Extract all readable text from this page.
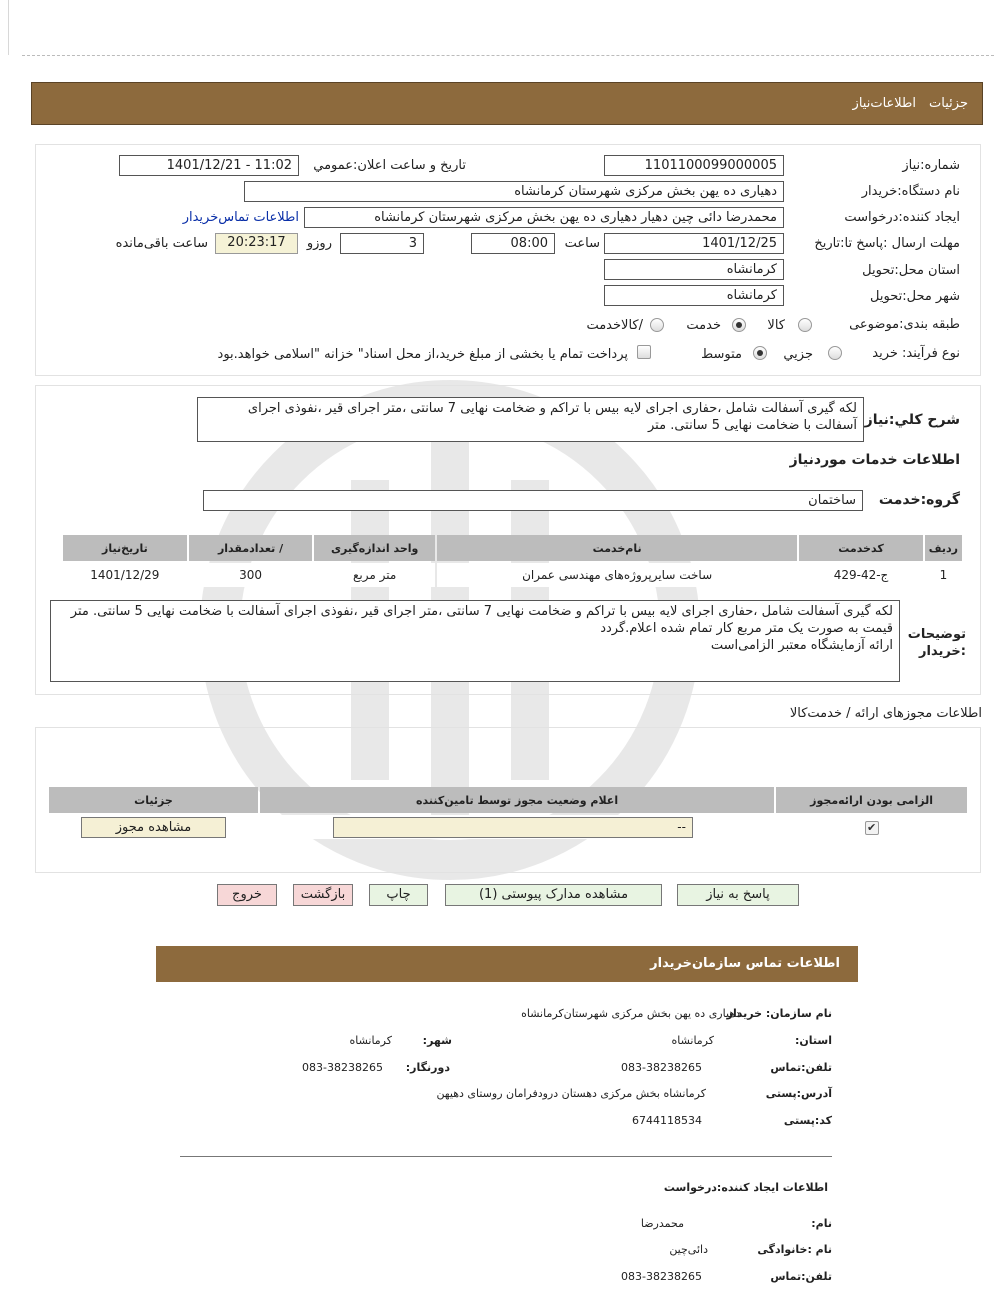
جزئیات
اطلاعات‌نیاز
شماره:نیاز
1101100099000005
تاریخ و ساعت اعلان:عمومي
1401/12/21 - 11:02
نام دستگاه:خریدار
دهیاری ده یهن بخش مرکزی شهرستان کرمانشاه
ایجاد کننده:درخواست
محمدرضا دائی چین دهیار دهیاری ده یهن بخش مرکزی شهرستان کرمانشاه
اطلاعات تماس‌خریدار
مهلت ارسال :پاسخ تا:تاریخ
1401/12/25
ساعت
08:00
3
روزو
20:23:17
ساعت باقی‌مانده
استان محل:تحویل
کرمانشاه
شهر محل:تحویل
کرمانشاه
طبقه بندی:موضوعی
کالا
خدمت
/کالاخدمت
نوع فرآیند: خرید
جزيي
متوسط
پرداخت تمام یا بخشی از مبلغ خرید،از محل اسناد" خزانه "اسلامی خواهد.بود
شرح کلي:نیاز
لکه گیری آسفالت شامل ،حفاری اجرای لایه بیس با تراکم و ضخامت نهایی 7 سانتی ،متر اجرای قیر ،نفوذی اجرای آسفالت با ضخامت نهایی 5 سانتی. متر
اطلاعات خدمات موردنیاز
گروه:خدمت
ساختمان
ردیف	کدخدمت	نام‌خدمت	واحد اندازه‌گیری	/ تعدادمقدار	تاریخ‌نیاز
1	ج-42-429	ساخت سایرپروژه‌های مهندسی عمران	متر مربع	300	1401/12/29
توضیحات :خریدار
لکه گیری آسفالت شامل ،حفاری اجرای لایه بیس با تراکم و ضخامت نهایی 7 سانتی ،متر اجرای قیر ،نفوذی اجرای آسفالت با ضخامت نهایی 5 سانتی. متر
قیمت به صورت یک متر مربع کار تمام شده اعلام.گردد
ارائه آزمایشگاه معتبر الزامی‌است
اطلاعات مجوزهای ارائه / خدمت‌کالا
الزامی بودن ارائه‌مجوز	اعلام وضعیت مجوز توسط تامین‌کننده	جزئیات
✔	--	مشاهده مجوز
پاسخ به نیاز
مشاهده مدارک پیوستی (1)
چاپ
بازگشت
خروج
اطلاعات تماس سازمان‌خریدار
نام سازمان: خریدار
دهیاری ده یهن بخش مرکزی شهرستان‌کرمانشاه
استان:
کرمانشاه
شهر:
کرمانشاه
تلفن:تماس
083-38238265
دورنگار:
083-38238265
آدرس:پستی
کرمانشاه بخش مرکزی دهستان درودفرامان روستای دهیهن
کد:پستی
6744118534
اطلاعات ایجاد کننده:درخواست
نام:
محمدرضا
نام :خانوادگی
دائی‌چین
تلفن:تماس
083-38238265
